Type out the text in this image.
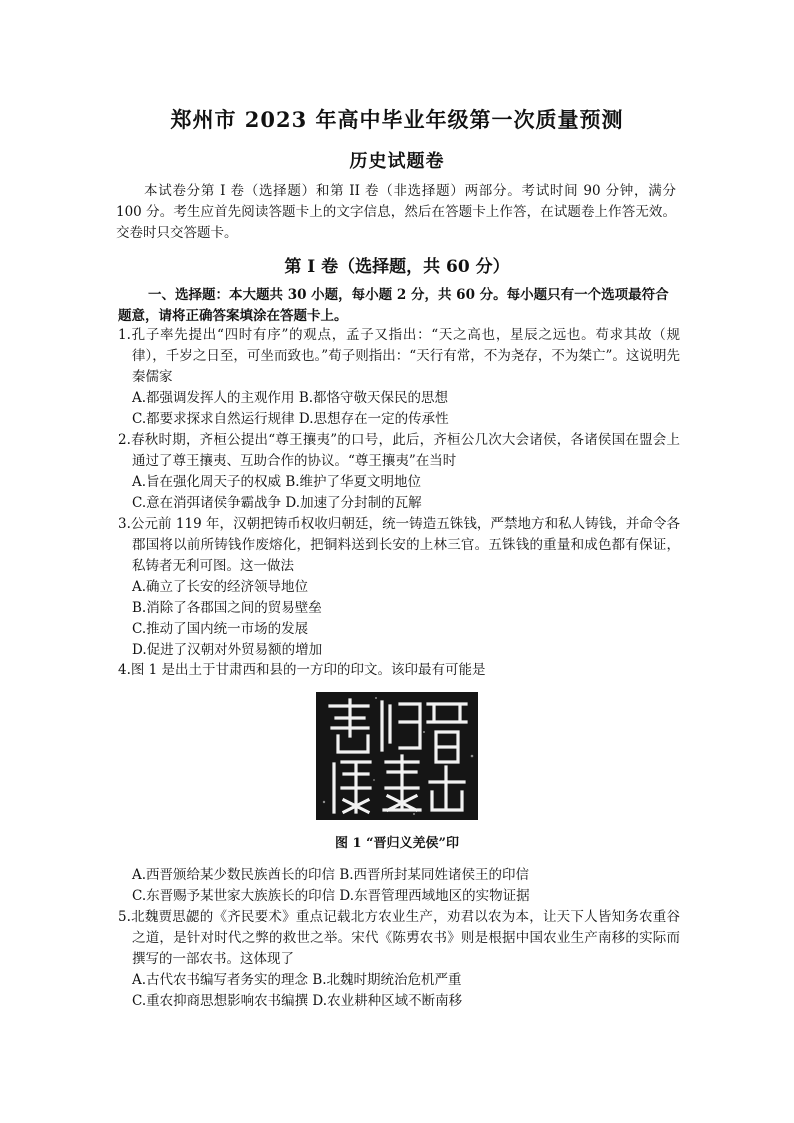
郑州市 2023 年高中毕业年级第一次质量预测
历史试题卷
本试卷分第 I 卷（选择题）和第 II 卷（非选择题）两部分。考试时间 90 分钟，满分 100 分。考生应首先阅读答题卡上的文字信息，然后在答题卡上作答，在试题卷上作答无效。交卷时只交答题卡。
第 I 卷（选择题，共 60 分）
一、选择题：本大题共 30 小题，每小题 2 分，共 60 分。每小题只有一个选项最符合题意，请将正确答案填涂在答题卡上。
1.孔子率先提出“四时有序”的观点，孟子又指出：“天之高也，星辰之远也。苟求其故（规律），千岁之日至，可坐而致也。”荀子则指出：“天行有常，不为尧存，不为桀亡”。这说明先秦儒家
A.都强调发挥人的主观作用 B.都恪守敬天保民的思想
C.都要求探求自然运行规律 D.思想存在一定的传承性
2.春秋时期，齐桓公提出“尊王攘夷”的口号，此后，齐桓公几次大会诸侯，各诸侯国在盟会上通过了尊王攘夷、互助合作的协议。“尊王攘夷”在当时
A.旨在强化周天子的权威 B.维护了华夏文明地位
C.意在消弭诸侯争霸战争 D.加速了分封制的瓦解
3.公元前 119 年，汉朝把铸币权收归朝廷，统一铸造五铢钱，严禁地方和私人铸钱，并命令各郡国将以前所铸钱作废熔化，把铜料送到长安的上林三官。五铢钱的重量和成色都有保证，私铸者无利可图。这一做法
A.确立了长安的经济领导地位
B.消除了各郡国之间的贸易壁垒
C.推动了国内统一市场的发展
D.促进了汉朝对外贸易额的增加
4.图 1 是出土于甘肃西和县的一方印的印文。该印最有可能是
图 1 “晋归义羌侯”印
A.西晋颁给某少数民族酋长的印信 B.西晋所封某同姓诸侯王的印信
C.东晋赐予某世家大族族长的印信 D.东晋管理西域地区的实物证据
5.北魏贾思勰的《齐民要术》重点记载北方农业生产，劝君以农为本，让天下人皆知务农重谷之道，是针对时代之弊的救世之举。宋代《陈旉农书》则是根据中国农业生产南移的实际而撰写的一部农书。这体现了
A.古代农书编写者务实的理念 B.北魏时期统治危机严重
C.重农抑商思想影响农书编撰 D.农业耕种区域不断南移
